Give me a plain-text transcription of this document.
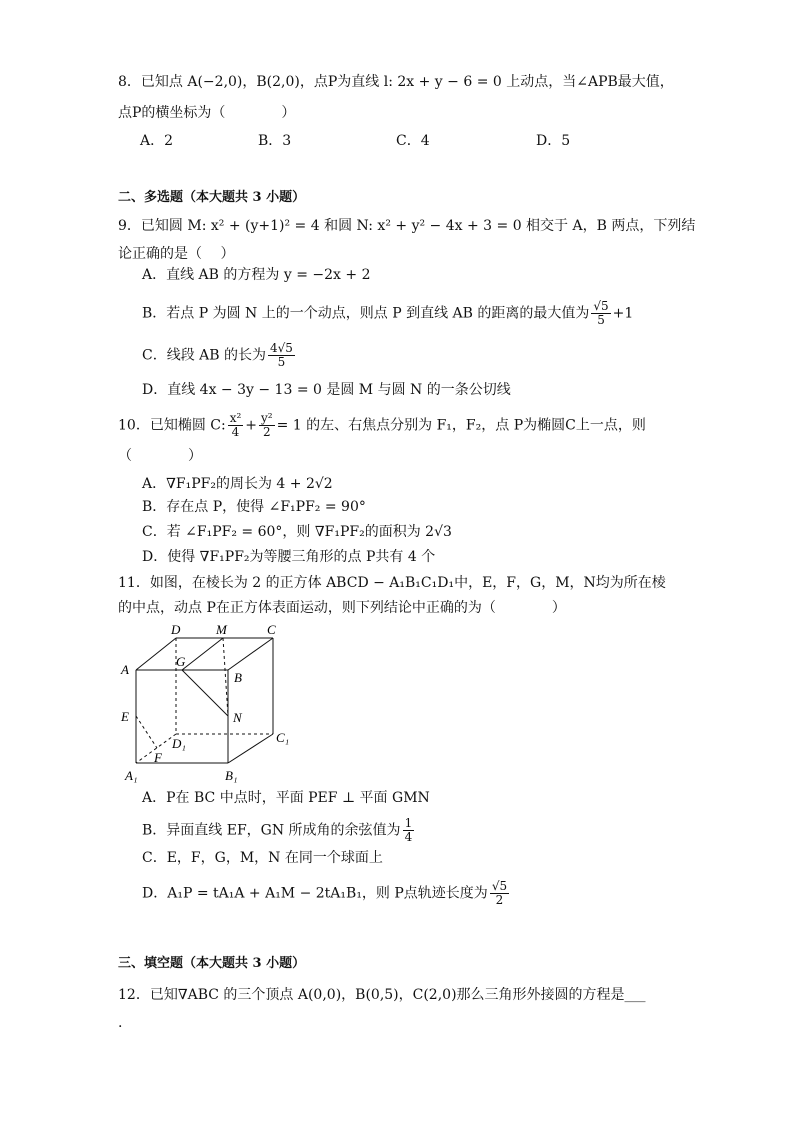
8．已知点 A(−2,0)，B(2,0)，点P为直线 l: 2x + y − 6 = 0 上动点，当∠APB最大值，
点P的横坐标为（　　　　）
A．2	B．3	C．4	D．5
二、多选题（本大题共 3 小题）
9．已知圆 M: x² + (y+1)² = 4 和圆 N: x² + y² − 4x + 3 = 0 相交于 A，B 两点，下列结
论正确的是（　 ）
A．直线 AB 的方程为 y = −2x + 2
B．若点 P 为圆 N 上的一个动点，则点 P 到直线 AB 的距离的最大值为 $\frac{√5}{5} +1$
C．线段 AB 的长为 $\frac{4√5}{5}$
D．直线 4x − 3y − 13 = 0 是圆 M 与圆 N 的一条公切线
10．已知椭圆 C: $\frac{\text{x²}}{4} + \frac{\text{y²}}{2} = 1$ 的左、右焦点分别为 F₁，F₂，点 P为椭圆C上一点，则
（　　　　）
A．∇F₁PF₂的周长为 4 + 2√2
B．存在点 P，使得 ∠F₁PF₂ = 90°
C．若 ∠F₁PF₂ = 60°，则 ∇F₁PF₂的面积为 2√3
D．使得 ∇F₁PF₂为等腰三角形的点 P共有 4 个
11．如图，在棱长为 2 的正方体 ABCD − A₁B₁C₁D₁中，E，F，G，M，N均为所在棱
的中点，动点 P在正方体表面运动，则下列结论中正确的为（　　　　）
D	M	C
A
G
B
E	N
D₁	C₁
F
A₁	B₁
A．P在 BC 中点时，平面 PEF ⊥ 平面 GMN
B．异面直线 EF，GN 所成角的余弦值为 $\frac{1}{4}$
C．E，F，G，M，N 在同一个球面上
D．A₁P = tA₁A + A₁M − 2tA₁B₁，则 P点轨迹长度为 $\frac{√5}{2}$
三、填空题（本大题共 3 小题）
12．已知∇ABC 的三个顶点 A(0,0)，B(0,5)，C(2,0)那么三角形外接圆的方程是___
.
